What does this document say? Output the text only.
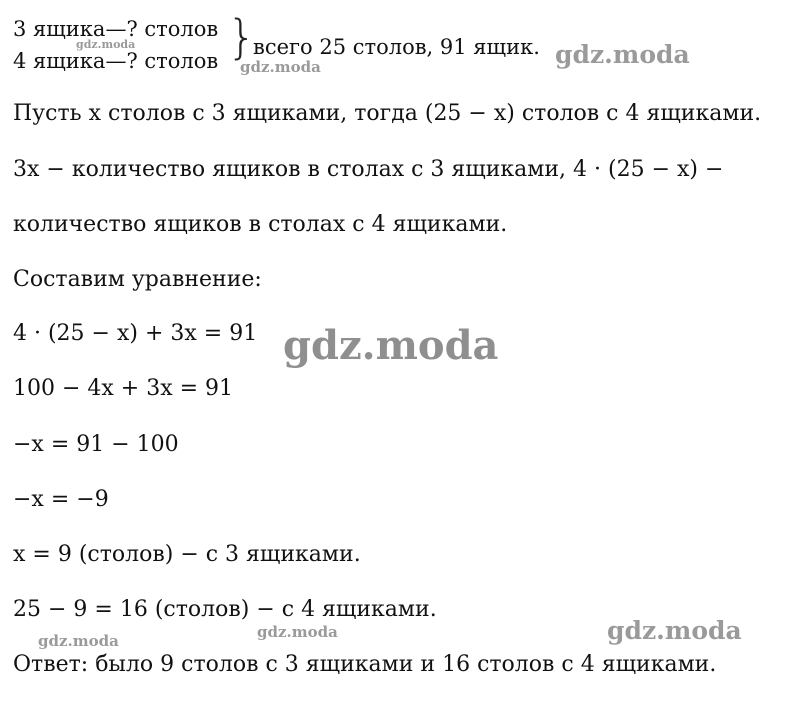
3 ящика—? столов
4 ящика—? столов }
всего 25 столов, 91 ящик.
Пусть x столов с 3 ящиками, тогда (25 − x) столов с 4 ящиками.
3x − количество ящиков в столах с 3 ящиками, 4 · (25 − x) −
количество ящиков в столах с 4 ящиками.
Составим уравнение:
4 · (25 − x) + 3x = 91
100 − 4x + 3x = 91
−x = 91 − 100
−x = −9
x = 9 (столов) − с 3 ящиками.
25 − 9 = 16 (столов) − с 4 ящиками.
Ответ: было 9 столов с 3 ящиками и 16 столов с 4 ящиками.
gdz.moda
gdz.moda	gdz.moda
gdz.moda
gdz.moda	gdz.moda	gdz.moda
